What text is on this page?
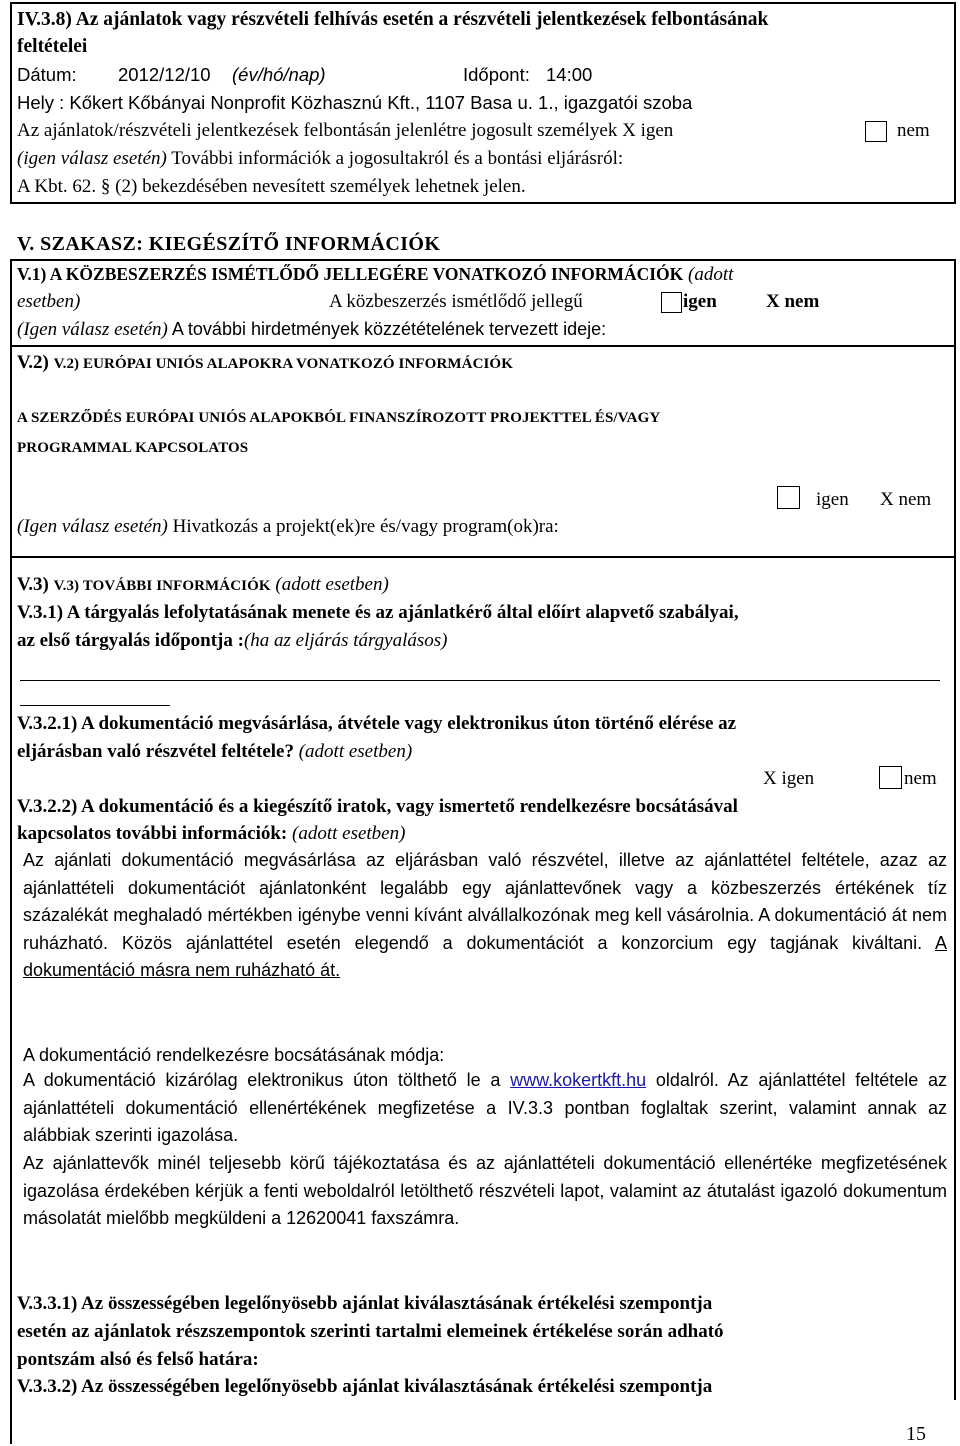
IV.3.8) Az ajánlatok vagy részvételi felhívás esetén a részvételi jelentkezések felbontásának
feltételei
Dátum: 2012/12/10 (év/hó/nap)	Időpont: 14:00
Hely : Kőkert Kőbányai Nonprofit Közhasznú Kft., 1107 Basa u. 1., igazgatói szoba
Az ajánlatok/részvételi jelentkezések felbontásán jelenlétre jogosult személyek X igen	nem
(igen válasz esetén) További információk a jogosultakról és a bontási eljárásról:
A Kbt. 62. § (2) bekezdésében nevesített személyek lehetnek jelen.
V. SZAKASZ: KIEGÉSZÍTŐ INFORMÁCIÓK
V.1) A KÖZBESZERZÉS ISMÉTLŐDŐ JELLEGÉRE VONATKOZÓ INFORMÁCIÓK (adott
esetben)	A közbeszerzés ismétlődő jellegű	igen	X nem
(Igen válasz esetén) A további hirdetmények közzétételének tervezett ideje:
V.2) V.2) EURÓPAI UNIÓS ALAPOKRA VONATKOZÓ INFORMÁCIÓK
A SZERZŐDÉS EURÓPAI UNIÓS ALAPOKBÓL FINANSZÍROZOTT PROJEKTTEL ÉS/VAGY
PROGRAMMAL KAPCSOLATOS
igen X nem
(Igen válasz esetén) Hivatkozás a projekt(ek)re és/vagy program(ok)ra:
V.3) V.3) TOVÁBBI INFORMÁCIÓK (adott esetben)
V.3.1) A tárgyalás lefolytatásának menete és az ajánlatkérő által előírt alapvető szabályai,
az első tárgyalás időpontja :(ha az eljárás tárgyalásos)
V.3.2.1) A dokumentáció megvásárlása, átvétele vagy elektronikus úton történő elérése az
eljárásban való részvétel feltétele? (adott esetben)
X igen	nem
V.3.2.2) A dokumentáció és a kiegészítő iratok, vagy ismertető rendelkezésre bocsátásával
kapcsolatos további információk: (adott esetben)
Az ajánlati dokumentáció megvásárlása az eljárásban való részvétel, illetve az ajánlattétel feltétele, azaz az ajánlattételi dokumentációt ajánlatonként legalább egy ajánlattevőnek vagy a közbeszerzés értékének tíz százalékát meghaladó mértékben igénybe venni kívánt alvállalkozónak meg kell vásárolnia. A dokumentáció át nem ruházható. Közös ajánlattétel esetén elegendő a dokumentációt a konzorcium egy tagjának kiváltani. A dokumentáció másra nem ruházható át.
A dokumentáció rendelkezésre bocsátásának módja:
A dokumentáció kizárólag elektronikus úton tölthető le a www.kokertkft.hu oldalról. Az ajánlattétel feltétele az ajánlattételi dokumentáció ellenértékének megfizetése a IV.3.3 pontban foglaltak szerint, valamint annak az alábbiak szerinti igazolása.
Az ajánlattevők minél teljesebb körű tájékoztatása és az ajánlattételi dokumentáció ellenértéke megfizetésének igazolása érdekében kérjük a fenti weboldalról letölthető részvételi lapot, valamint az átutalást igazoló dokumentum másolatát mielőbb megküldeni a 12620041 faxszámra.
V.3.3.1) Az összességében legelőnyösebb ajánlat kiválasztásának értékelési szempontja
esetén az ajánlatok részszempontok szerinti tartalmi elemeinek értékelése során adható
pontszám alsó és felső határa:
V.3.3.2) Az összességében legelőnyösebb ajánlat kiválasztásának értékelési szempontja
15
